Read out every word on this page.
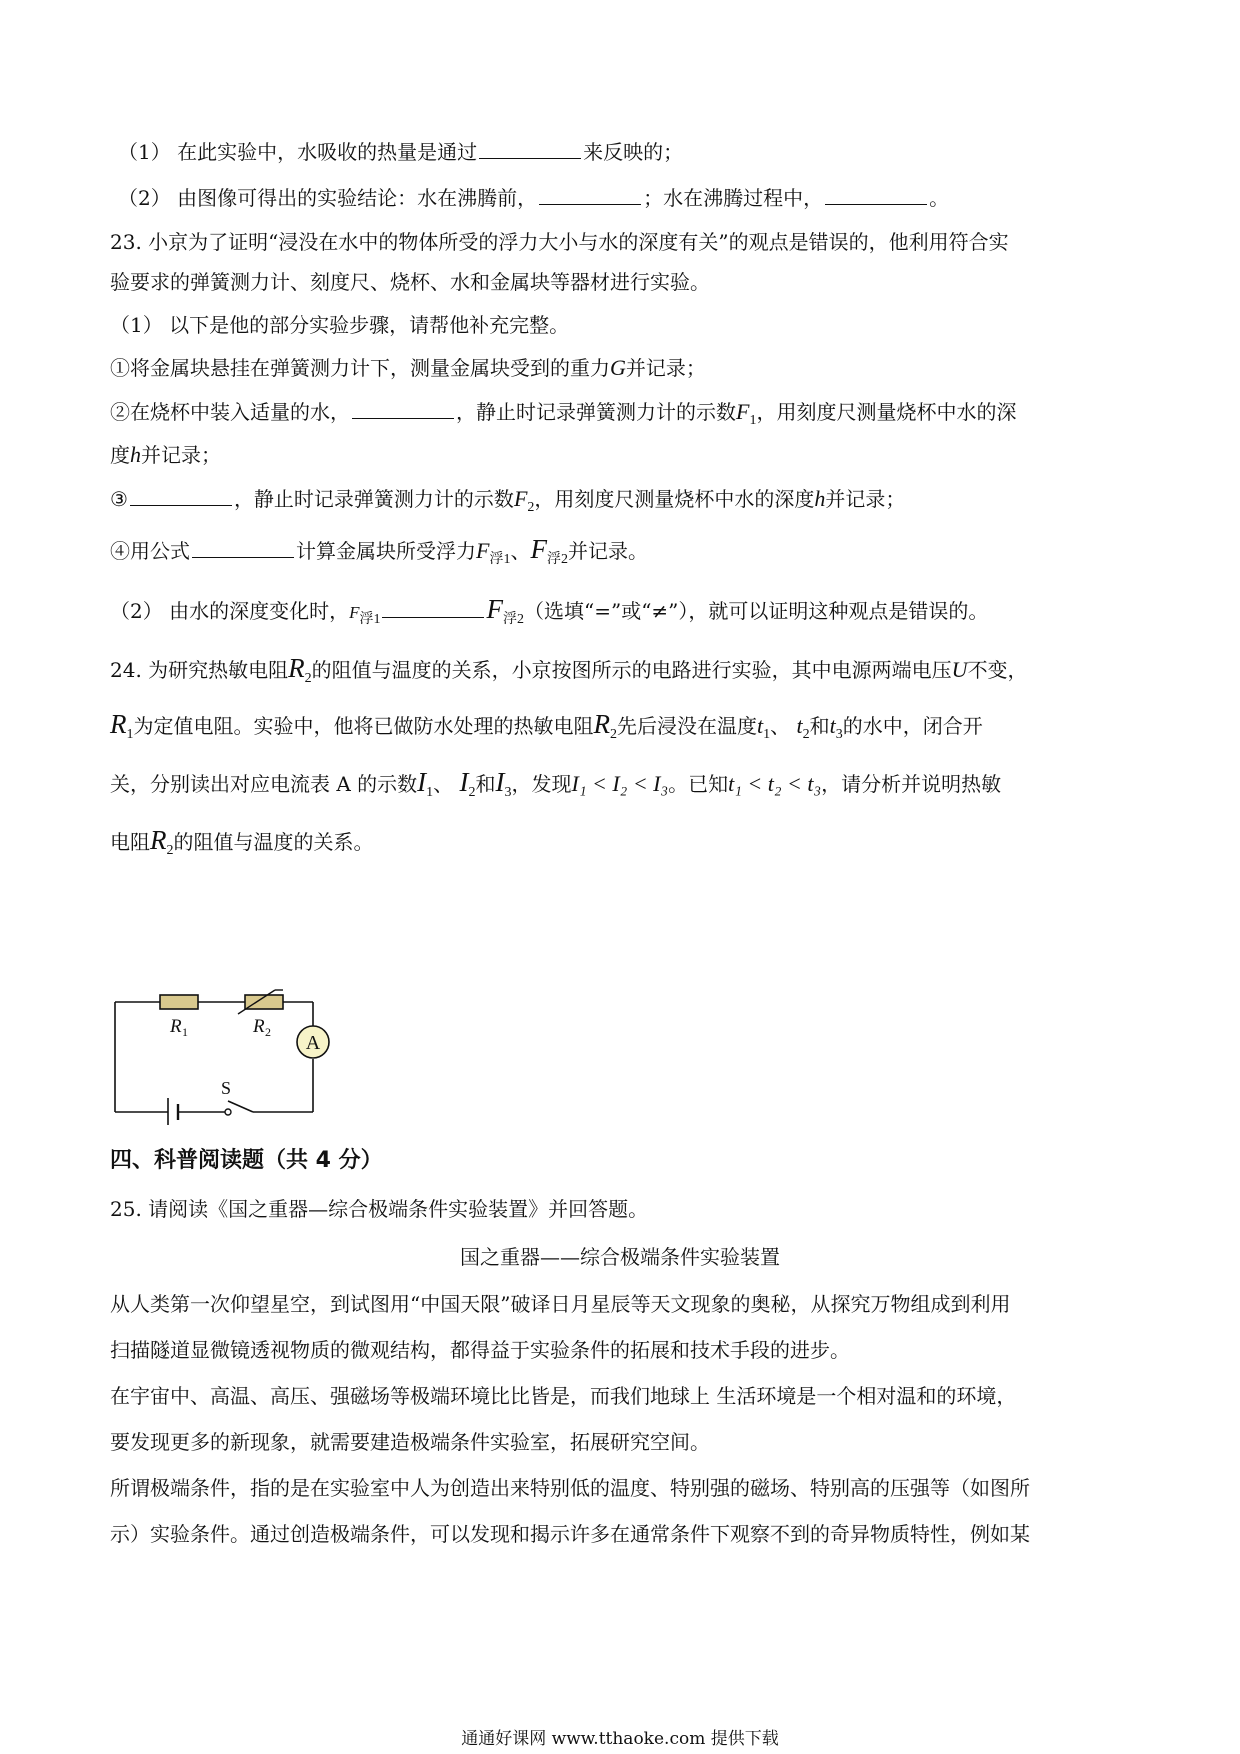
（1） 在此实验中，水吸收的热量是通过	来反映的；
（2） 由图像可得出的实验结论：水在沸腾前，	；水在沸腾过程中，	。
23. 小京为了证明“浸没在水中的物体所受的浮力大小与水的深度有关”的观点是错误的，他利用符合实
验要求的弹簧测力计、刻度尺、烧杯、水和金属块等器材进行实验。
（1） 以下是他的部分实验步骤，请帮他补充完整。
①将金属块悬挂在弹簧测力计下，测量金属块受到的重力G并记录；
②在烧杯中装入适量的水，	，静止时记录弹簧测力计的示数$F_1$，用刻度尺测量烧杯中水的深
度h并记录；
③	，静止时记录弹簧测力计的示数$F_2$，用刻度尺测量烧杯中水的深度h并记录；
④用公式	计算金属块所受浮力$F_{浮1}$、$F_{浮2}$并记录。
（2） 由水的深度变化时，$F_{浮1}$	$F_{浮2}$（选填“=”或“≠”），就可以证明这种观点是错误的。
24. 为研究热敏电阻$R_2$的阻值与温度的关系，小京按图所示的电路进行实验，其中电源两端电压U不变，
$R_1$为定值电阻。实验中，他将已做防水处理的热敏电阻$R_2$先后浸没在温度$t_1$、 $t_2$和$t_3$的水中，闭合开
关，分别读出对应电流表 A 的示数$I_1$、 $I_2$和$I_3$，发现I₁ < I₂ < I₃。已知t₁ < t₂ < t₃，请分析并说明热敏
电阻$R_2$的阻值与温度的关系。
A
S
R 1	R 2
四、科普阅读题（共 4 分）
25. 请阅读《国之重器—综合极端条件实验装置》并回答题。
国之重器——综合极端条件实验装置
从人类第一次仰望星空，到试图用“中国天限”破译日月星辰等天文现象的奥秘，从探究万物组成到利用
扫描隧道显微镜透视物质的微观结构，都得益于实验条件的拓展和技术手段的进步。
在宇宙中、高温、高压、强磁场等极端环境比比皆是，而我们地球上 生活环境是一个相对温和的环境，
要发现更多的新现象，就需要建造极端条件实验室，拓展研究空间。
所谓极端条件，指的是在实验室中人为创造出来特别低的温度、特别强的磁场、特别高的压强等（如图所
示）实验条件。通过创造极端条件，可以发现和揭示许多在通常条件下观察不到的奇异物质特性，例如某
通通好课网 www.tthaoke.com 提供下载
